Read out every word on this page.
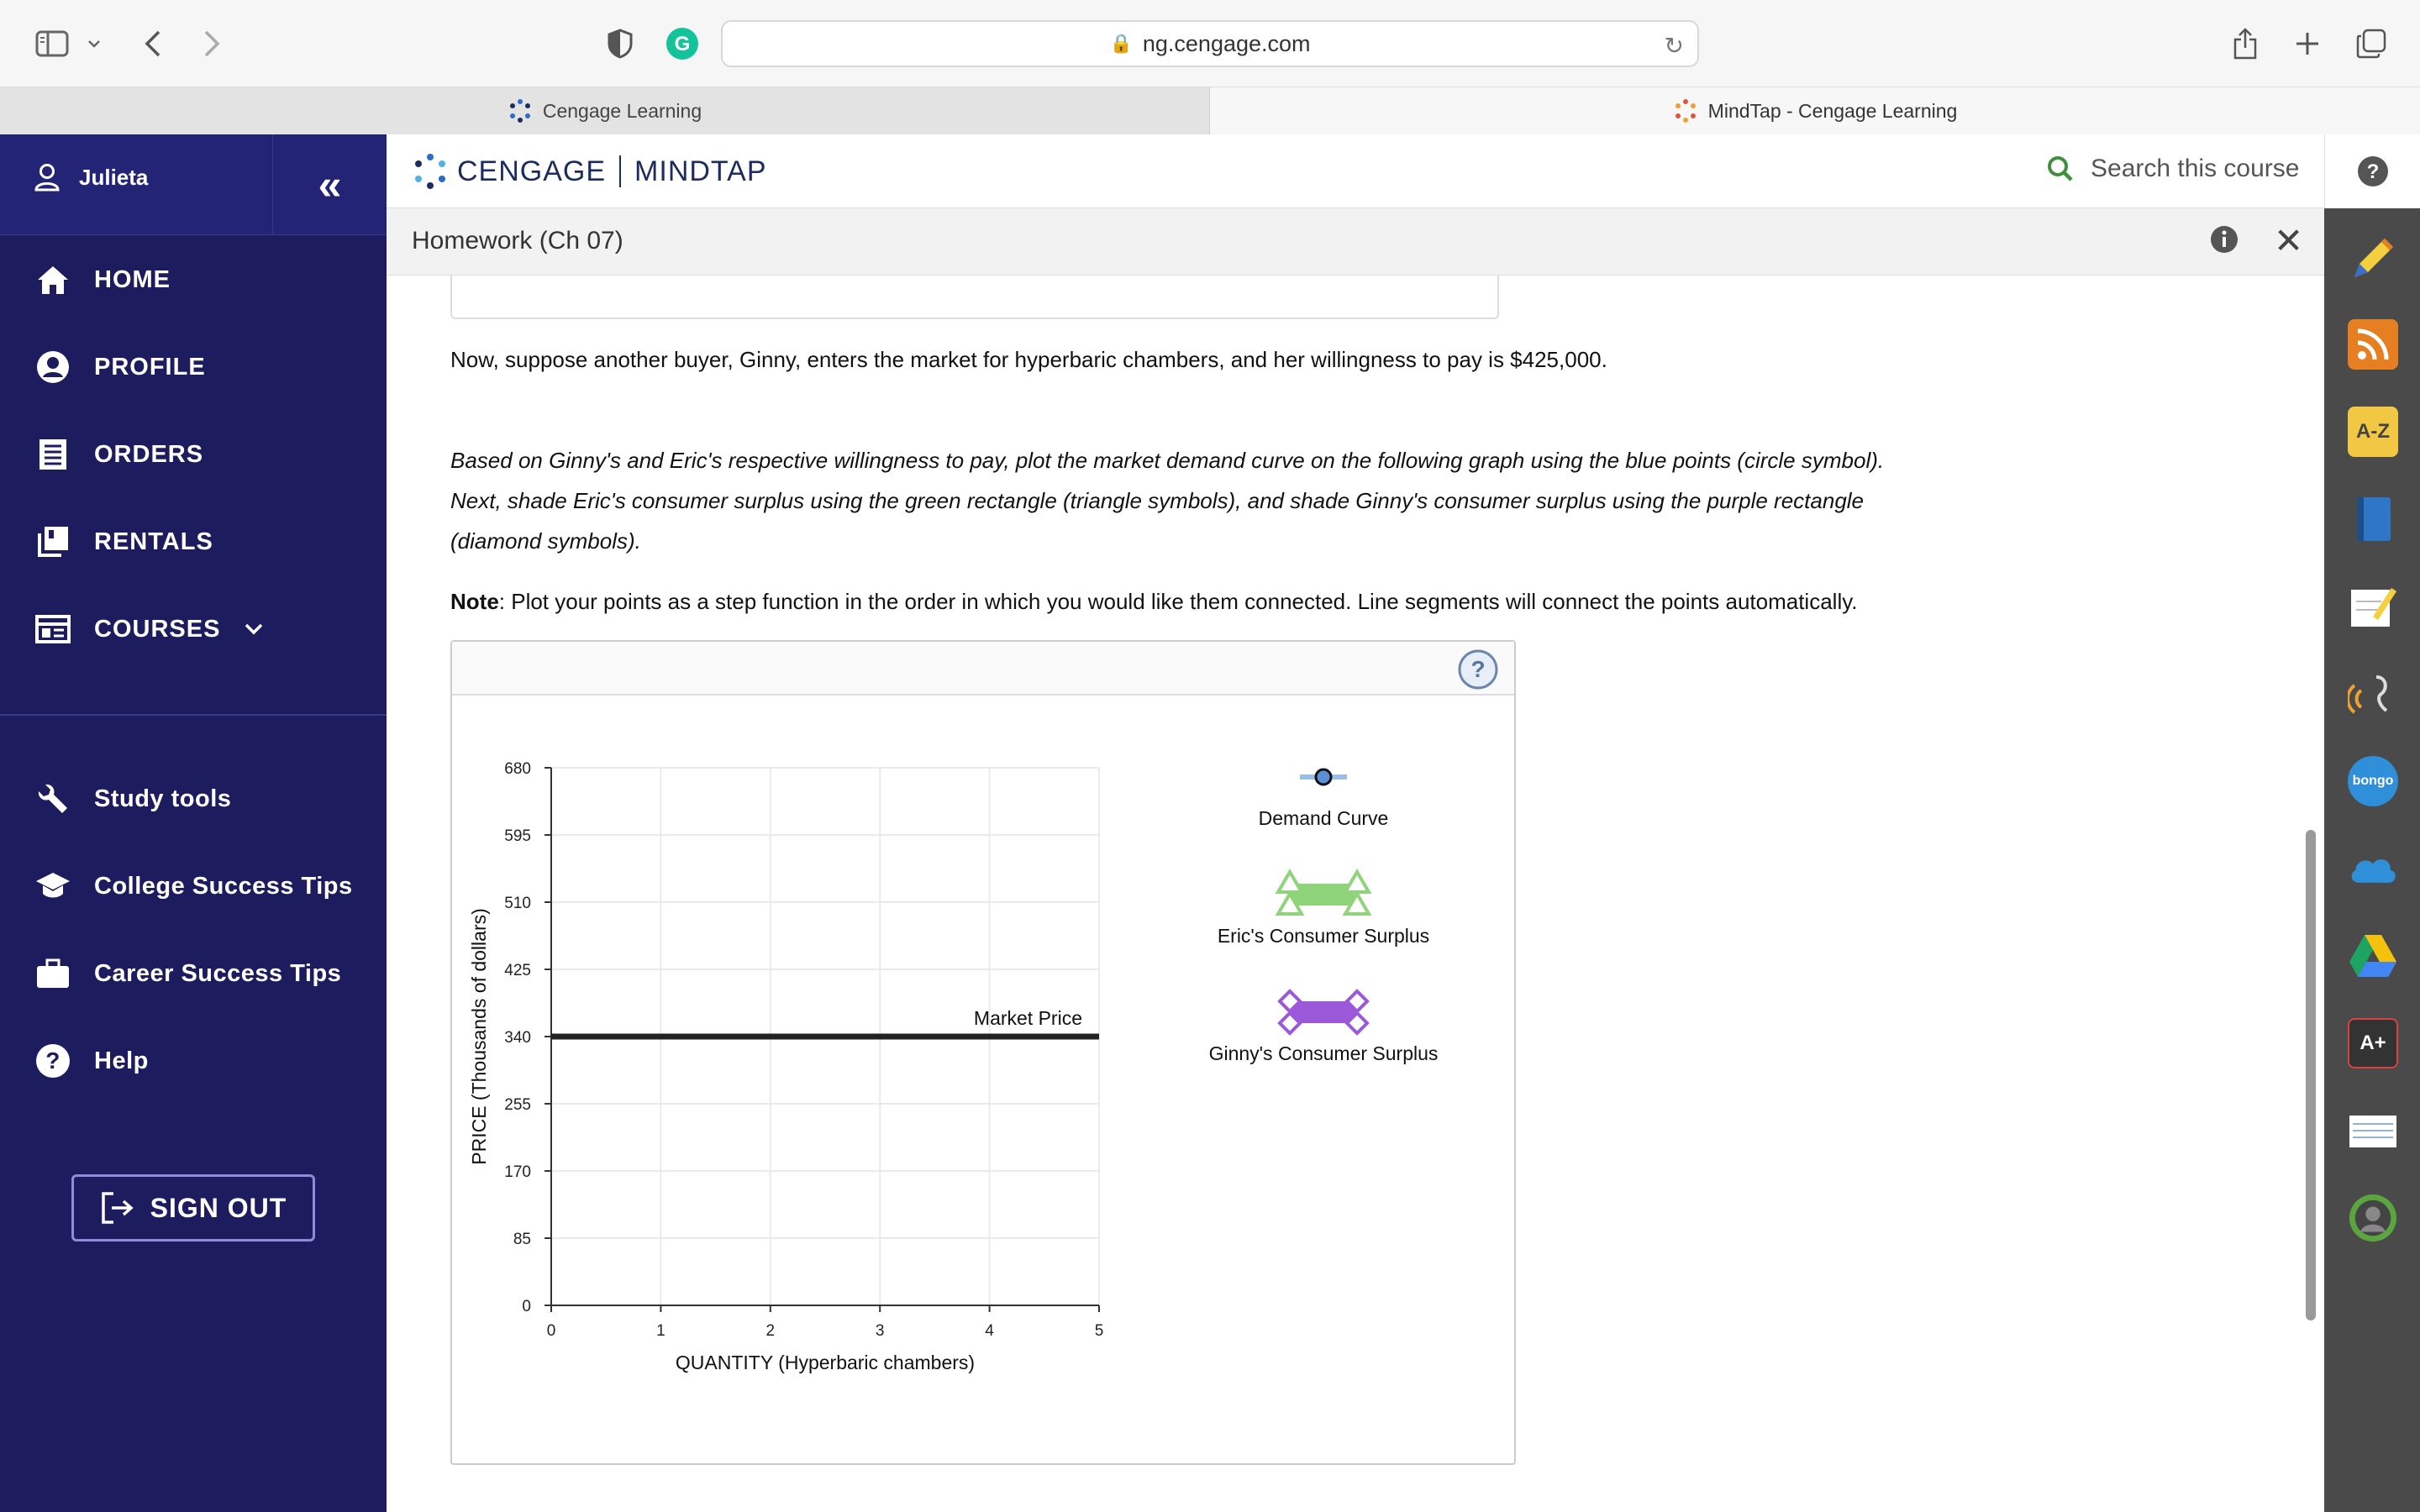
G	🔒 ng.cengage.com	↻
Cengage Learning	MindTap - Cengage Learning
Julieta	«
HOME
PROFILE
ORDERS
RENTALS
COURSES
Study tools
College Success Tips
Career Success Tips
? Help
SIGN OUT
CENGAGE MINDTAP	Search this course	?
Homework (Ch 07)	✕
Now, suppose another buyer, Ginny, enters the market for hyperbaric chambers, and her willingness to pay is $425,000.
Based on Ginny's and Eric's respective willingness to pay, plot the market demand curve on the following graph using the blue points (circle symbol).
Next, shade Eric's consumer surplus using the green rectangle (triangle symbols), and shade Ginny's consumer surplus using the purple rectangle
(diamond symbols).
Note: Plot your points as a step function in the order in which you would like them connected. Line segments will connect the points automatically.
?
0	1	2	3	4	5
0
85
170
255
340
425
510
595
680
QUANTITY (Hyperbaric chambers)
PRICE (Thousands of dollars)	Market Price
Demand Curve
Eric's Consumer Surplus
Ginny's Consumer Surplus
A-Z
bongo
A+
